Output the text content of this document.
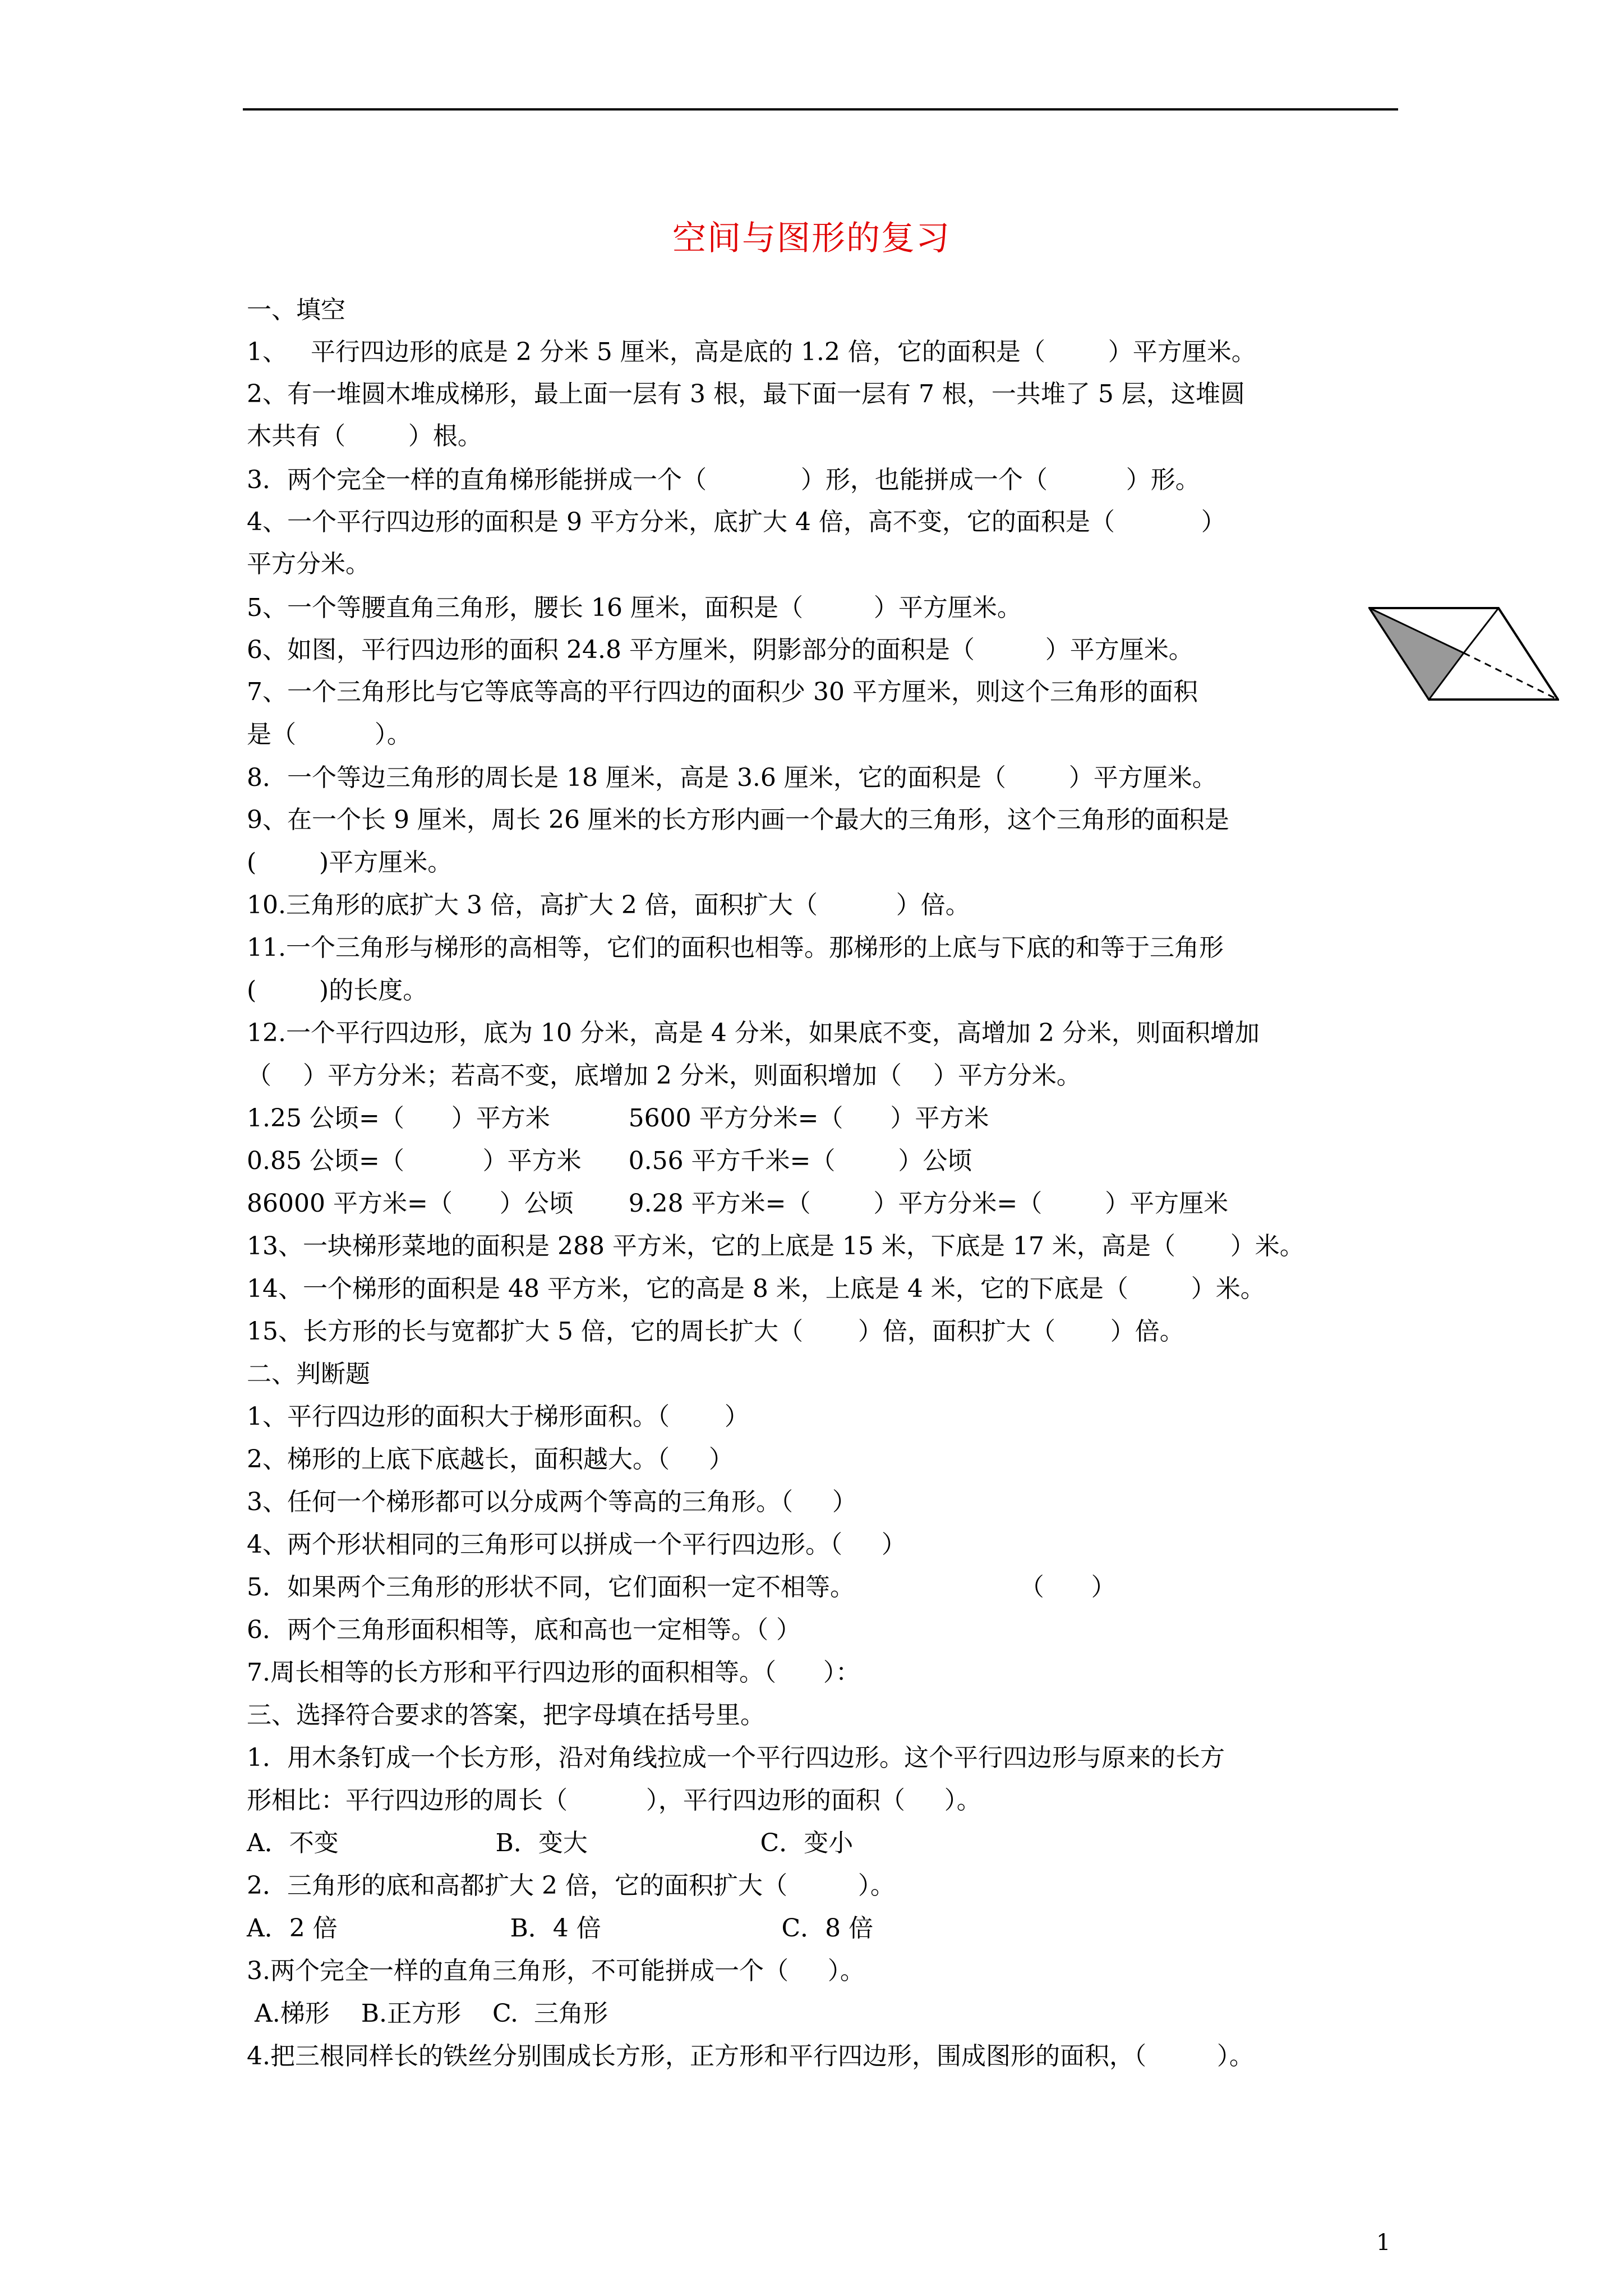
空间与图形的复习
一、填空
1、   平行四边形的底是 2 分米 5 厘米，高是底的 1.2 倍，它的面积是（        ）平方厘米。
2、有一堆圆木堆成梯形，最上面一层有 3 根，最下面一层有 7 根，一共堆了 5 层，这堆圆
木共有（        ）根。
3．两个完全一样的直角梯形能拼成一个（            ）形，也能拼成一个（          ）形。
4、一个平行四边形的面积是 9 平方分米，底扩大 4 倍，高不变，它的面积是（           ）
平方分米。
5、一个等腰直角三角形，腰长 16 厘米，面积是（         ）平方厘米。
6、如图，平行四边形的面积 24.8 平方厘米，阴影部分的面积是（         ）平方厘米。
7、一个三角形比与它等底等高的平行四边的面积少 30 平方厘米，则这个三角形的面积
是（          ）。
8．一个等边三角形的周长是 18 厘米，高是 3.6 厘米，它的面积是（        ）平方厘米。
9、在一个长 9 厘米，周长 26 厘米的长方形内画一个最大的三角形，这个三角形的面积是
(        )平方厘米。
10.三角形的底扩大 3 倍，高扩大 2 倍，面积扩大（          ）倍。
11.一个三角形与梯形的高相等，它们的面积也相等。那梯形的上底与下底的和等于三角形
(        )的长度。
12.一个平行四边形，底为 10 分米，高是 4 分米，如果底不变，高增加 2 分米，则面积增加
（    ）平方分米；若高不变，底增加 2 分米，则面积增加（    ）平方分米。
1.25 公顷=（      ）平方米          5600 平方分米=（      ）平方米
0.85 公顷=（          ）平方米      0.56 平方千米=（        ）公顷
86000 平方米=（      ）公顷       9.28 平方米=（        ）平方分米=（        ）平方厘米
13、一块梯形菜地的面积是 288 平方米，它的上底是 15 米，下底是 17 米，高是（       ）米。
14、一个梯形的面积是 48 平方米，它的高是 8 米，上底是 4 米，它的下底是（        ）米。
15、长方形的长与宽都扩大 5 倍，它的周长扩大（       ）倍，面积扩大（       ）倍。
二、判断题
1、平行四边形的面积大于梯形面积。（       ）
2、梯形的上底下底越长，面积越大。（     ）
3、任何一个梯形都可以分成两个等高的三角形。（     ）
4、两个形状相同的三角形可以拼成一个平行四边形。（     ）
5．如果两个三角形的形状不同，它们面积一定不相等。                     （      ）
6．两个三角形面积相等，底和高也一定相等。（ ）
7.周长相等的长方形和平行四边形的面积相等。（      ）：
三、选择符合要求的答案，把字母填在括号里。
1．用木条钉成一个长方形，沿对角线拉成一个平行四边形。这个平行四边形与原来的长方
形相比：平行四边形的周长（          ），平行四边形的面积（     ）。
A．不变                    B．变大                      C．变小
2．三角形的底和高都扩大 2 倍，它的面积扩大（         ）。
A．2 倍                      B．4 倍                       C．8 倍
3.两个完全一样的直角三角形，不可能拼成一个（     ）。
A.梯形    B.正方形    C.  三角形
4.把三根同样长的铁丝分别围成长方形，正方形和平行四边形，围成图形的面积，（         ）。
1
